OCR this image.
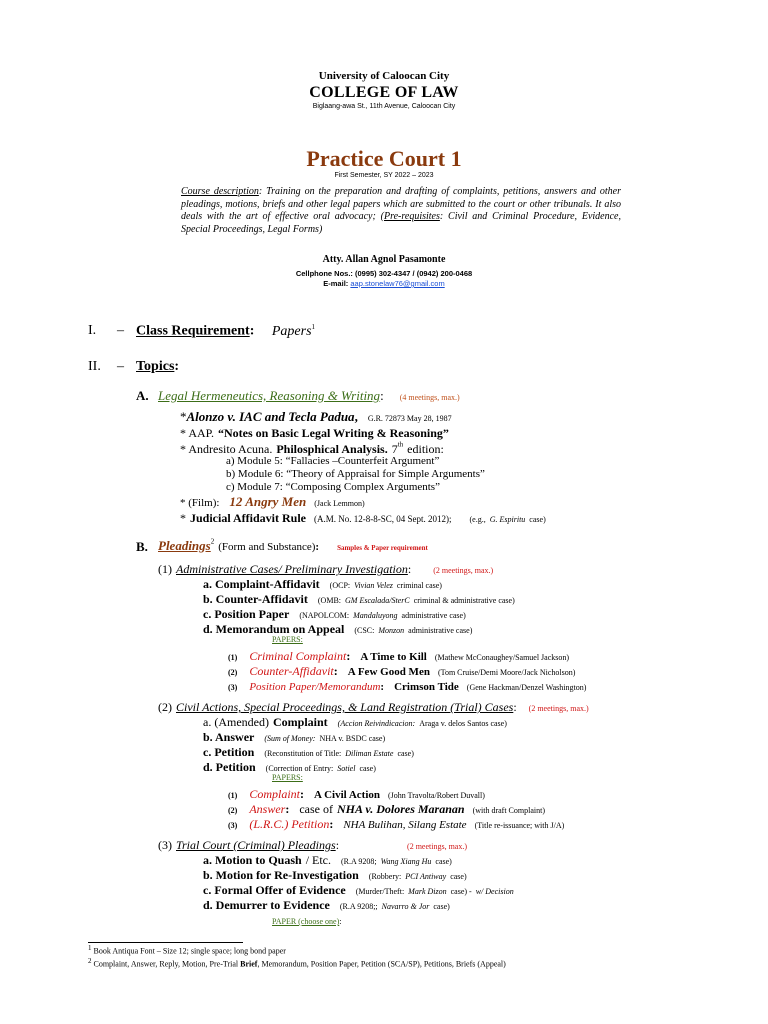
University of Caloocan City
COLLEGE OF LAW
Biglaang-awa St., 11th Avenue, Caloocan City
Practice Court 1
First Semester, SY 2022 – 2023
Course description: Training on the preparation and drafting of complaints, petitions, answers and other pleadings, motions, briefs and other legal papers which are submitted to the court or other tribunals. It also deals with the art of effective oral advocacy; (Pre-requisites: Civil and Criminal Procedure, Evidence, Special Proceedings, Legal Forms)
Atty. Allan Agnol Pasamonte
Cellphone Nos.: (0995) 302-4347 / (0942) 200-0468
E-mail: aap.stonelaw76@gmail.com
I. – Class Requirement: Papers$^1$
II. – Topics:
A. Legal Hermeneutics, Reasoning & Writing: (4 meetings, max.)
*Alonzo v. IAC and Tecla Padua, G.R. 72873 May 28, 1987
* AAP. “Notes on Basic Legal Writing & Reasoning”
* Andresito Acuna. Philosphical Analysis. 7th edition:
a) Module 5: “Fallacies –Counterfeit Argument”
b) Module 6: “Theory of Appraisal for Simple Arguments”
c) Module 7: “Composing Complex Arguments”
* (Film): 12 Angry Men (Jack Lemmon)
* Judicial Affidavit Rule (A.M. No. 12-8-8-SC, 04 Sept. 2012); (e.g., G. Espiritu case)
B. Pleadings$^2$ (Form and Substance):	Samples & Paper requirement
(1) Administrative Cases/ Preliminary Investigation:	(2 meetings, max.)
a. Complaint-Affidavit (OCP: Vivian Velez criminal case)
b. Counter-Affidavit (OMB: GM Escalada/SterC criminal & administrative case)
c. Position Paper (NAPOLCOM: Mandaluyong administrative case)
d. Memorandum on Appeal (CSC: Monzon administrative case)
PAPERS:
(1) Criminal Complaint: A Time to Kill (Mathew McConaughey/Samuel Jackson)
(2) Counter-Affidavit: A Few Good Men (Tom Cruise/Demi Moore/Jack Nicholson)
(3) Position Paper/Memorandum: Crimson Tide (Gene Hackman/Denzel Washington)
(2) Civil Actions, Special Proceedings, & Land Registration (Trial) Cases: (2 meetings, max.)
a. (Amended) Complaint (Accion Reivindicacion: Araga v. delos Santos case)
b. Answer (Sum of Money: NHA v. BSDC case)
c. Petition (Reconstitution of Title: Diliman Estate case)
d. Petition (Correction of Entry: Sotiel case)
PAPERS:
(1) Complaint: A Civil Action (John Travolta/Robert Duvall)
(2) Answer: case of NHA v. Dolores Maranan (with draft Complaint)
(3) (L.R.C.) Petition: NHA Bulihan, Silang Estate (Title re-issuance; with J/A)
(3) Trial Court (Criminal) Pleadings:	(2 meetings, max.)
a. Motion to Quash / Etc. (R.A 9208; Wang Xiang Hu case)
b. Motion for Re-Investigation (Robbery: PCI Antiway case)
c. Formal Offer of Evidence (Murder/Theft: Mark Dizon case) - w/ Decision
d. Demurrer to Evidence (R.A 9208;; Navarro & Jor case)
PAPER (choose one):
1 Book Antiqua Font – Size 12; single space; long bond paper
2 Complaint, Answer, Reply, Motion, Pre-Trial Brief, Memorandum, Position Paper, Petition (SCA/SP), Petitions, Briefs (Appeal)
